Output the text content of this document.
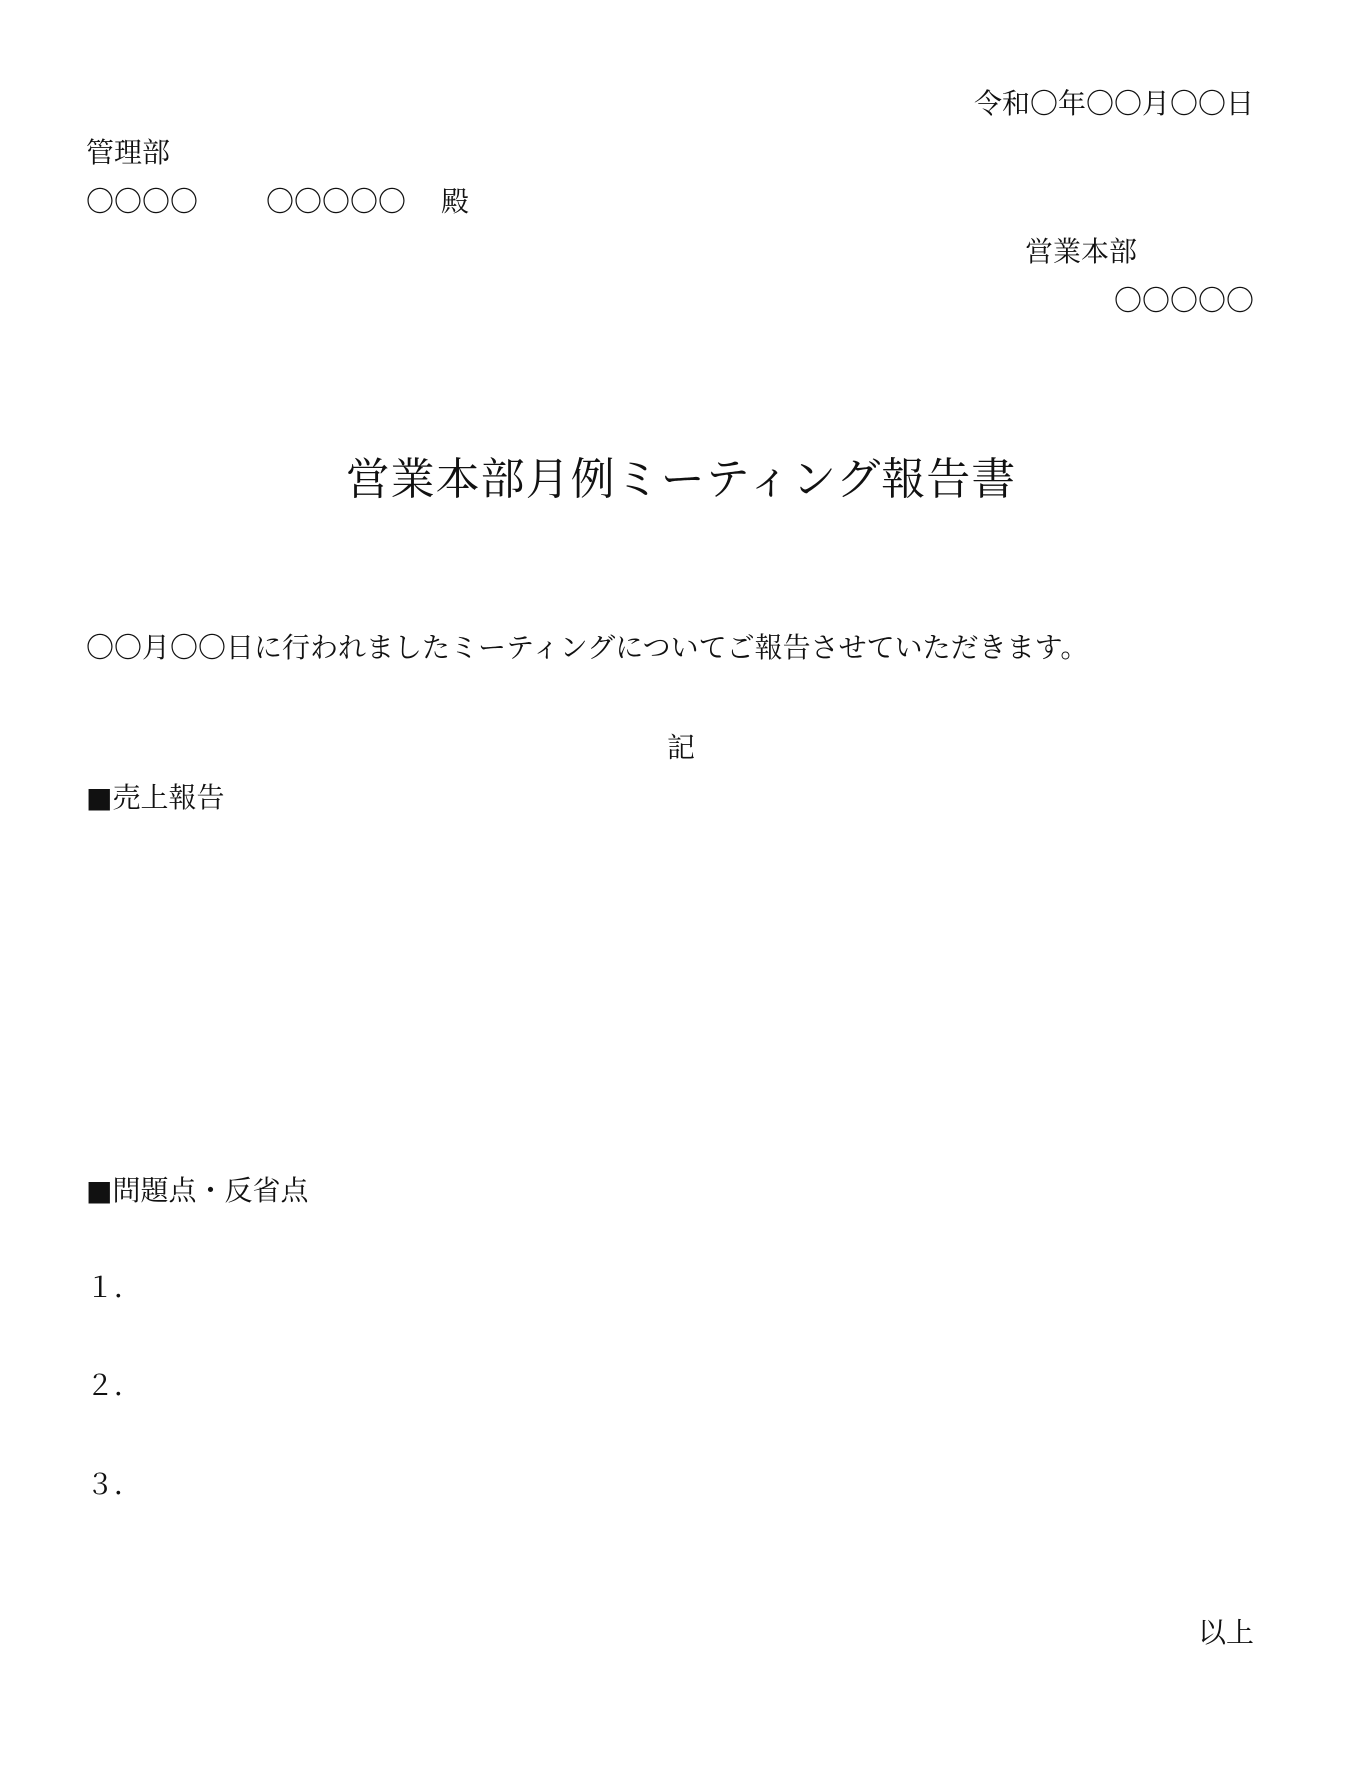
令和〇年〇〇月〇〇日
管理部
〇〇〇〇 〇〇〇〇〇 殿
営業本部
〇〇〇〇〇
営業本部月例ミーティング報告書
〇〇月〇〇日に行われましたミーティングについてご報告させていただきます。
記
■売上報告
■問題点・反省点
１．
２．
３．
以上
